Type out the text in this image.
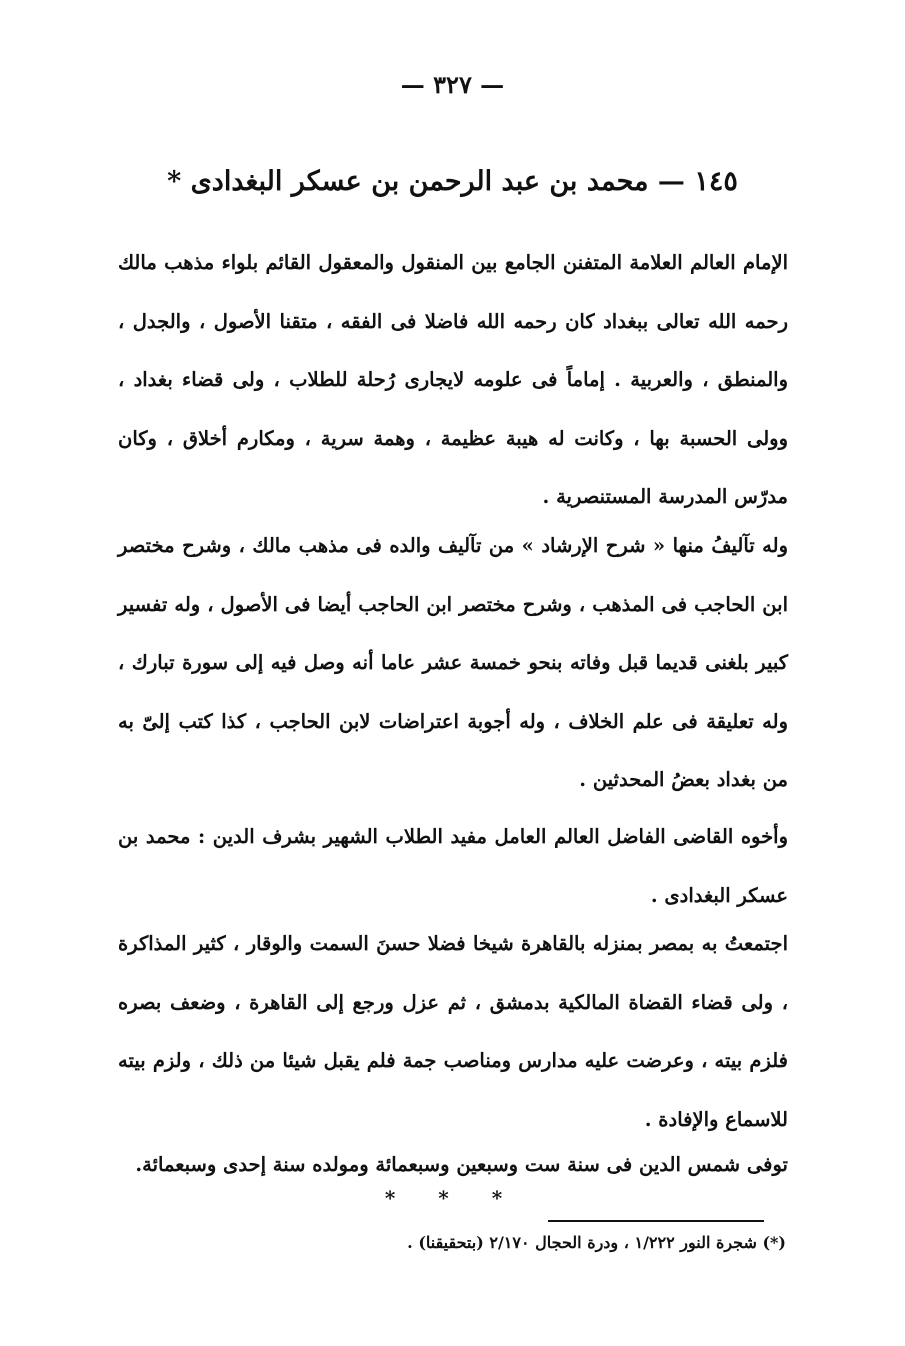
— ٣٢٧ —
١٤٥ — محمد بن عبد الرحمن بن عسكر البغدادى *

الإمام العالم العلامة المتفنن الجامع بين المنقول والمعقول القائم بلواء مذهب مالك رحمه الله تعالى ببغداد كان رحمه الله فاضلا فى الفقه ، متقنا الأصول ، والجدل ، والمنطق ، والعربية . إماماً فى علومه لايجارى رُحلة للطلاب ، ولى قضاء بغداد ، وولى الحسبة بها ، وكانت له هيبة عظيمة ، وهمة سرية ، ومكارم أخلاق ، وكان مدرّس المدرسة المستنصرية .

وله تآليفُ منها « شرح الإرشاد » من تآليف والده فى مذهب مالك ، وشرح مختصر ابن الحاجب فى المذهب ، وشرح مختصر ابن الحاجب أيضا فى الأصول ، وله تفسير كبير بلغنى قديما قبل وفاته بنحو خمسة عشر عاما أنه وصل فيه إلى سورة تبارك ، وله تعليقة فى علم الخلاف ، وله أجوبة اعتراضات لابن الحاجب ، كذا كتب إلىّ به من بغداد بعضُ المحدثين .

وأخوه القاضى الفاضل العالم العامل مفيد الطلاب الشهير بشرف الدين : محمد بن عسكر البغدادى .

اجتمعتُ به بمصر بمنزله بالقاهرة شيخا فضلا حسنَ السمت والوقار ، كثير المذاكرة ، ولى قضاء القضاة المالكية بدمشق ، ثم عزل ورجع إلى القاهرة ، وضعف بصره فلزم بيته ، وعرضت عليه مدارس ومناصب جمة فلم يقبل شيئا من ذلك ، ولزم بيته للاسماع والإفادة .

توفى شمس الدين فى سنة ست وسبعين وسبعمائة ومولده سنة إحدى وسبعمائة.

* * *
(*) شجرة النور ١/٢٢٢ ، ودرة الحجال ٢/١٧٠ (بتحقيقنا) .
